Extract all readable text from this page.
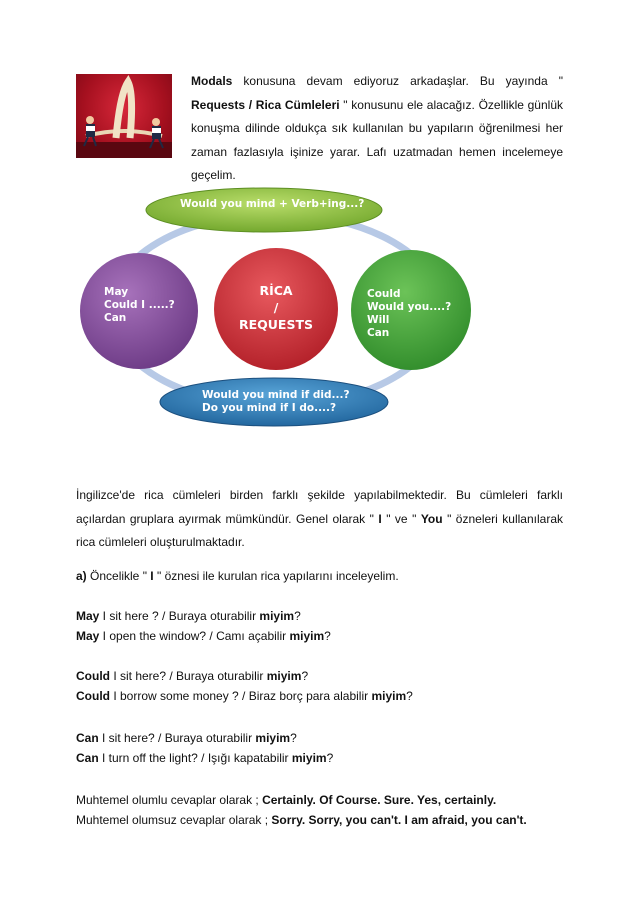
Modals konusuna devam ediyoruz arkadaşlar. Bu yayında " Requests / Rica Cümleleri " konusunu ele alacağız. Özellikle günlük konuşma dilinde oldukça sık kullanılan bu yapıların öğrenilmesi her zaman fazlasıyla işinize yarar. Lafı uzatmadan hemen incelemeye geçelim.
Would you mind + Verb+ing...?
May
Could I .....?
Can
RİCA
/
REQUESTS
Could
Would you....?
Will
Can
Would you mind if did...?
Do you mind if I do....?
İngilizce'de rica cümleleri birden farklı şekilde yapılabilmektedir. Bu cümleleri farklı açılardan gruplara ayırmak mümkündür. Genel olarak " I " ve " You " özneleri kullanılarak rica cümleleri oluşturulmaktadır.
a) Öncelikle " I " öznesi ile kurulan rica yapılarını inceleyelim.
May I sit here ? / Buraya oturabilir miyim?
May I open the window? / Camı açabilir miyim?
Could I sit here? / Buraya oturabilir miyim?
Could I borrow some money ? / Biraz borç para alabilir miyim?
Can I sit here? / Buraya oturabilir miyim?
Can I turn off the light? / Işığı kapatabilir miyim?
Muhtemel olumlu cevaplar olarak ; Certainly. Of Course. Sure. Yes, certainly.
Muhtemel olumsuz cevaplar olarak ; Sorry. Sorry, you can't. I am afraid, you can't.
